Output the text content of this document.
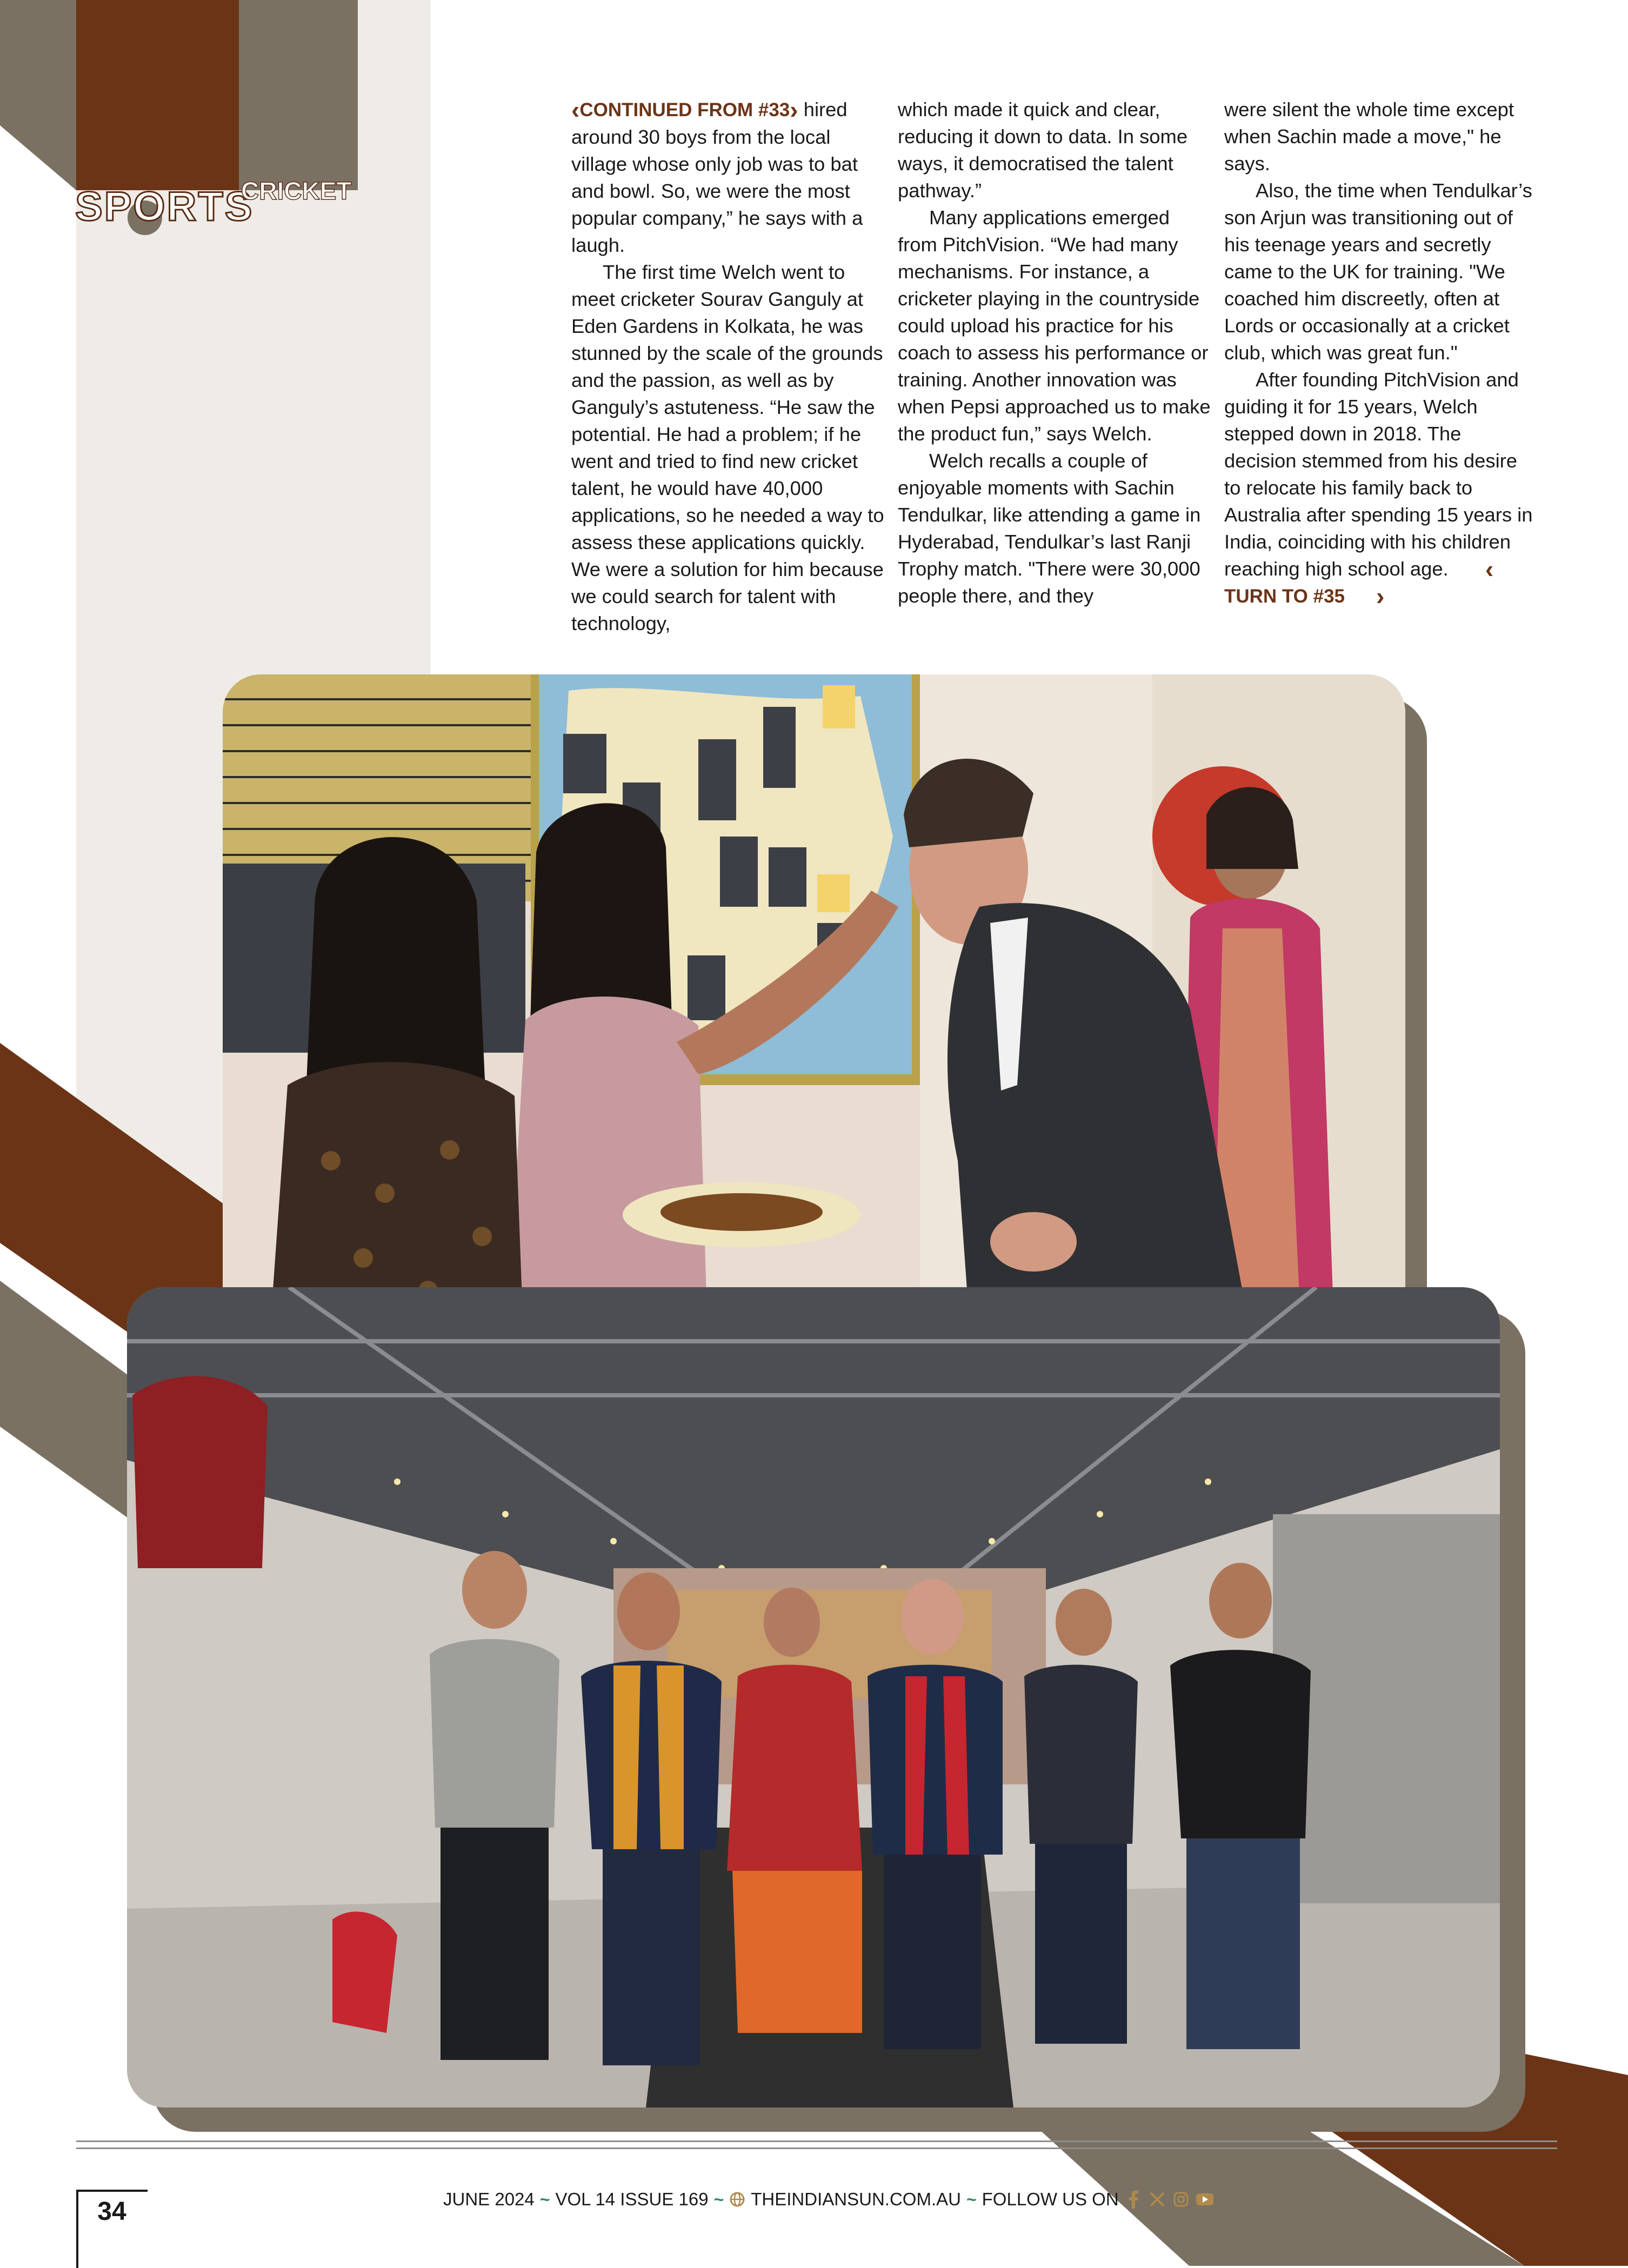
SPORTS
CRICKET

‹CONTINUED FROM #33› hired around 30 boys from the local village whose only job was to bat and bowl. So, we were the most popular company,” he says with a laugh.

The first time Welch went to meet cricketer Sourav Ganguly at Eden Gardens in Kolkata, he was stunned by the scale of the grounds and the passion, as well as by Ganguly’s astuteness. “He saw the potential. He had a problem; if he went and tried to find new cricket talent, he would have 40,000 applications, so he needed a way to assess these applications quickly. We were a solution for him because we could search for talent with technology,

which made it quick and clear, reducing it down to data. In some ways, it democratised the talent pathway.”

Many applications emerged from PitchVision. “We had many mechanisms. For instance, a cricketer playing in the countryside could upload his practice for his coach to assess his performance or training. Another innovation was when Pepsi approached us to make the product fun,” says Welch.

Welch recalls a couple of enjoyable moments with Sachin Tendulkar, like attending a game in Hyderabad, Tendulkar’s last Ranji Trophy match. "There were 30,000 people there, and they

were silent the whole time except when Sachin made a move," he says.

Also, the time when Tendulkar’s son Arjun was transitioning out of his teenage years and secretly came to the UK for training. "We coached him discreetly, often at Lords or occasionally at a cricket club, which was great fun."

After founding PitchVision and guiding it for 15 years, Welch stepped down in 2018. The decision stemmed from his desire to relocate his family back to Australia after spending 15 years in India, coinciding with his children reaching high school age. ‹TURN TO #35 ›

34	JUNE 2024 ~ VOL 14 ISSUE 169 ~ THEINDIANSUN.COM.AU ~ FOLLOW US ON
